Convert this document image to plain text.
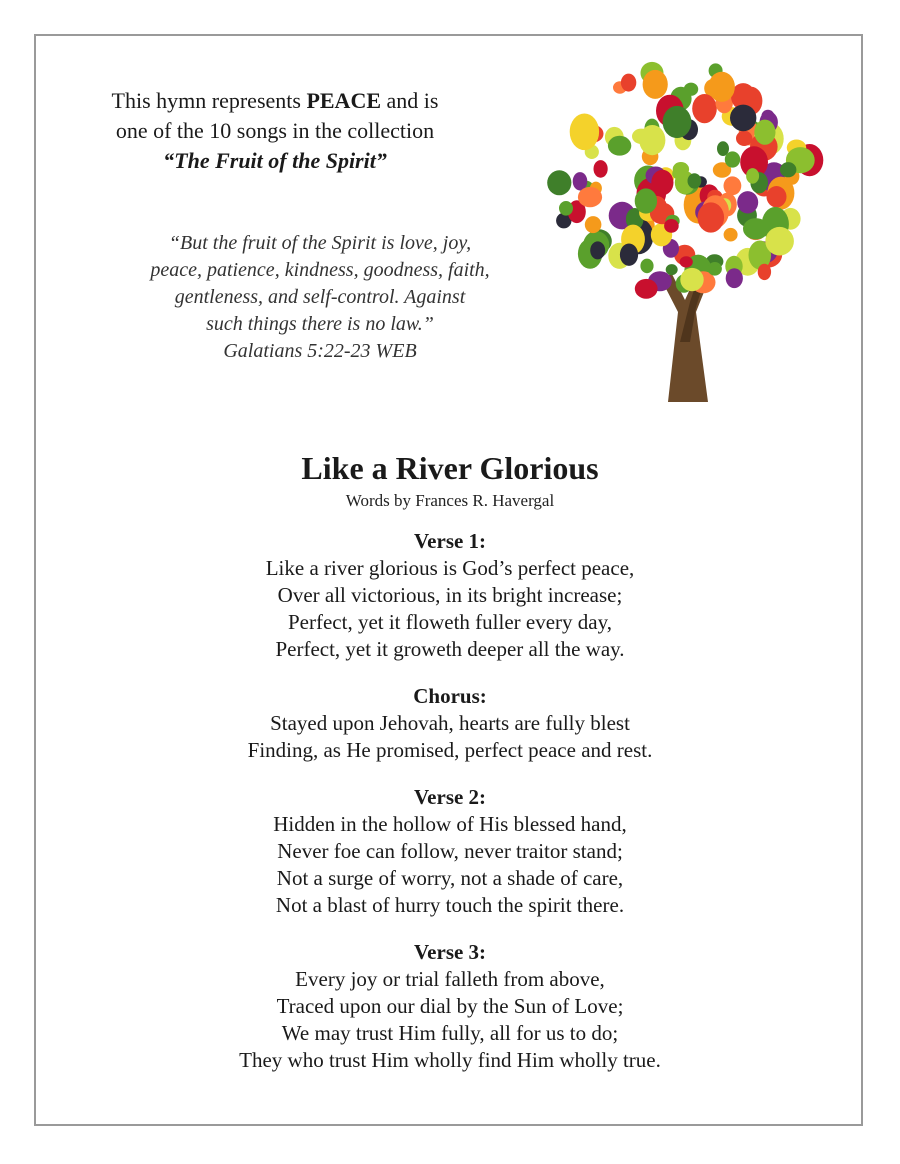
This hymn represents PEACE and is
one of the 10 songs in the collection
“The Fruit of the Spirit”
“But the fruit of the Spirit is love, joy,
peace, patience, kindness, goodness, faith,
gentleness, and self-control. Against
such things there is no law.”
Galatians 5:22-23 WEB
Like a River Glorious
Words by Frances R. Havergal
Verse 1:
Like a river glorious is God’s perfect peace,
Over all victorious, in its bright increase;
Perfect, yet it floweth fuller every day,
Perfect, yet it groweth deeper all the way.
Chorus:
Stayed upon Jehovah, hearts are fully blest
Finding, as He promised, perfect peace and rest.
Verse 2:
Hidden in the hollow of His blessed hand,
Never foe can follow, never traitor stand;
Not a surge of worry, not a shade of care,
Not a blast of hurry touch the spirit there.
Verse 3:
Every joy or trial falleth from above,
Traced upon our dial by the Sun of Love;
We may trust Him fully, all for us to do;
They who trust Him wholly find Him wholly true.
